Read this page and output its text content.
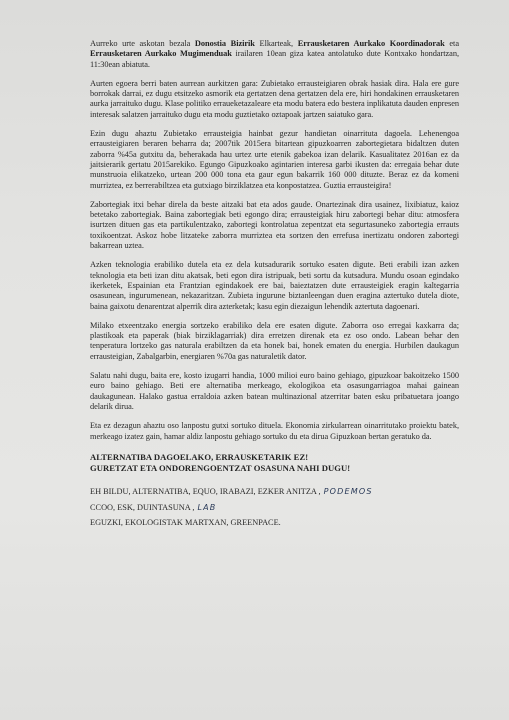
Aurreko urte askotan bezala Donostia Bizirik Elkarteak, Errausketaren Aurkako Koordinadorak eta Errausketaren Aurkako Mugimenduak irailaren 10ean giza katea antolatuko dute Kontxako hondartzan, 11:30ean abiatuta.

Aurten egoera berri baten aurrean aurkitzen gara: Zubietako errausteigiaren obrak hasiak dira. Hala ere gure borrokak darrai, ez dugu etsitzeko asmorik eta gertatzen dena gertatzen dela ere, hiri hondakinen errausketaren aurka jarraituko dugu. Klase politiko erraueketazaleare eta modu batera edo bestera inplikatuta dauden enpresen interesak salatzen jarraituko dugu eta modu guztietako oztapoak jartzen saiatuko gara.

Ezin dugu ahaztu Zubietako errausteigia hainbat gezur handietan oinarrituta dagoela. Lehenengoa errausteigiaren beraren beharra da; 2007tik 2015era bitartean gipuzkoarren zabortegietara bidaltzen duten zaborra %45a gutxitu da, beherakada hau urtez urte etenik gabekoa izan delarik. Kasualitatez 2016an ez da jaitsierarik gertatu 2015arekiko. Egungo Gipuzkoako agintarien interesa garbi ikusten da: erregaia behar dute munstruoia elikatzeko, urtean 200 000 tona eta gaur egun bakarrik 160 000 dituzte. Beraz ez da komeni murriztea, ez berrerabiltzea eta gutxiago birziklatzea eta konpostatzea. Guztia errausteigira!

Zabortegiak itxi behar direla da beste aitzaki bat eta ados gaude. Onartezinak dira usainez, lixibiatuz, kaioz betetako zabortegiak. Baina zabortegiak beti egongo dira; errausteigiak hiru zabortegi behar ditu: atmosfera isurtzen dituen gas eta partikulentzako, zabortegi kontrolatua zepentzat eta segurtasuneko zabortegia errauts toxikoentzat. Askoz hobe litzateke zaborra murriztea eta sortzen den errefusa inertizatu ondoren zabortegi bakarrean uztea.

Azken teknologia erabiliko dutela eta ez dela kutsadurarik sortuko esaten digute. Beti erabili izan azken teknologia eta beti izan ditu akatsak, beti egon dira istripuak, beti sortu da kutsadura. Mundu osoan egindako ikerketek, Espainian eta Frantzian egindakoek ere bai, baieztatzen dute errausteigiek eragin kaltegarria osasunean, ingurumenean, nekazaritzan. Zubieta ingurune biztanleengan duen eragina aztertuko dutela diote, baina gaixotu denarentzat alperrik dira azterketak; kasu egin diezaigun lehendik aztertuta dagoenari.

Milako etxeentzako energia sortzeko erabiliko dela ere esaten digute. Zaborra oso erregai kaxkarra da; plastikoak eta paperak (biak birziklagarriak) dira erretzen direnak eta ez oso ondo. Labean behar den tenperatura lortzeko gas naturala erabiltzen da eta honek bai, honek ematen du energia. Hurbilen daukagun errausteigian, Zabalgarbin, energiaren %70a gas naturaletik dator.

Salatu nahi dugu, baita ere, kosto izugarri handia, 1000 milioi euro baino gehiago, gipuzkoar bakoitzeko 1500 euro baino gehiago. Beti ere alternatiba merkeago, ekologikoa eta osasungarriagoa mahai gainean daukagunean. Halako gastua erraldoia azken batean multinazional atzerritar baten esku pribatuetara joango delarik dirua.

Eta ez dezagun ahaztu oso lanpostu gutxi sortuko dituela. Ekonomia zirkularrean oinarritutako proiektu batek, merkeago izatez gain, hamar aldiz lanpostu gehiago sortuko du eta dirua Gipuzkoan bertan geratuko da.

ALTERNATIBA DAGOELAKO, ERRAUSKETARIK EZ!
GURETZAT ETA ONDORENGOENTZAT OSASUNA NAHI DUGU!
EH BILDU, ALTERNATIBA, EQUO, IRABAZI, EZKER ANITZA , PODEMOS
CCOO, ESK, DUINTASUNA , LAB
EGUZKI, EKOLOGISTAK MARTXAN, GREENPACE.
